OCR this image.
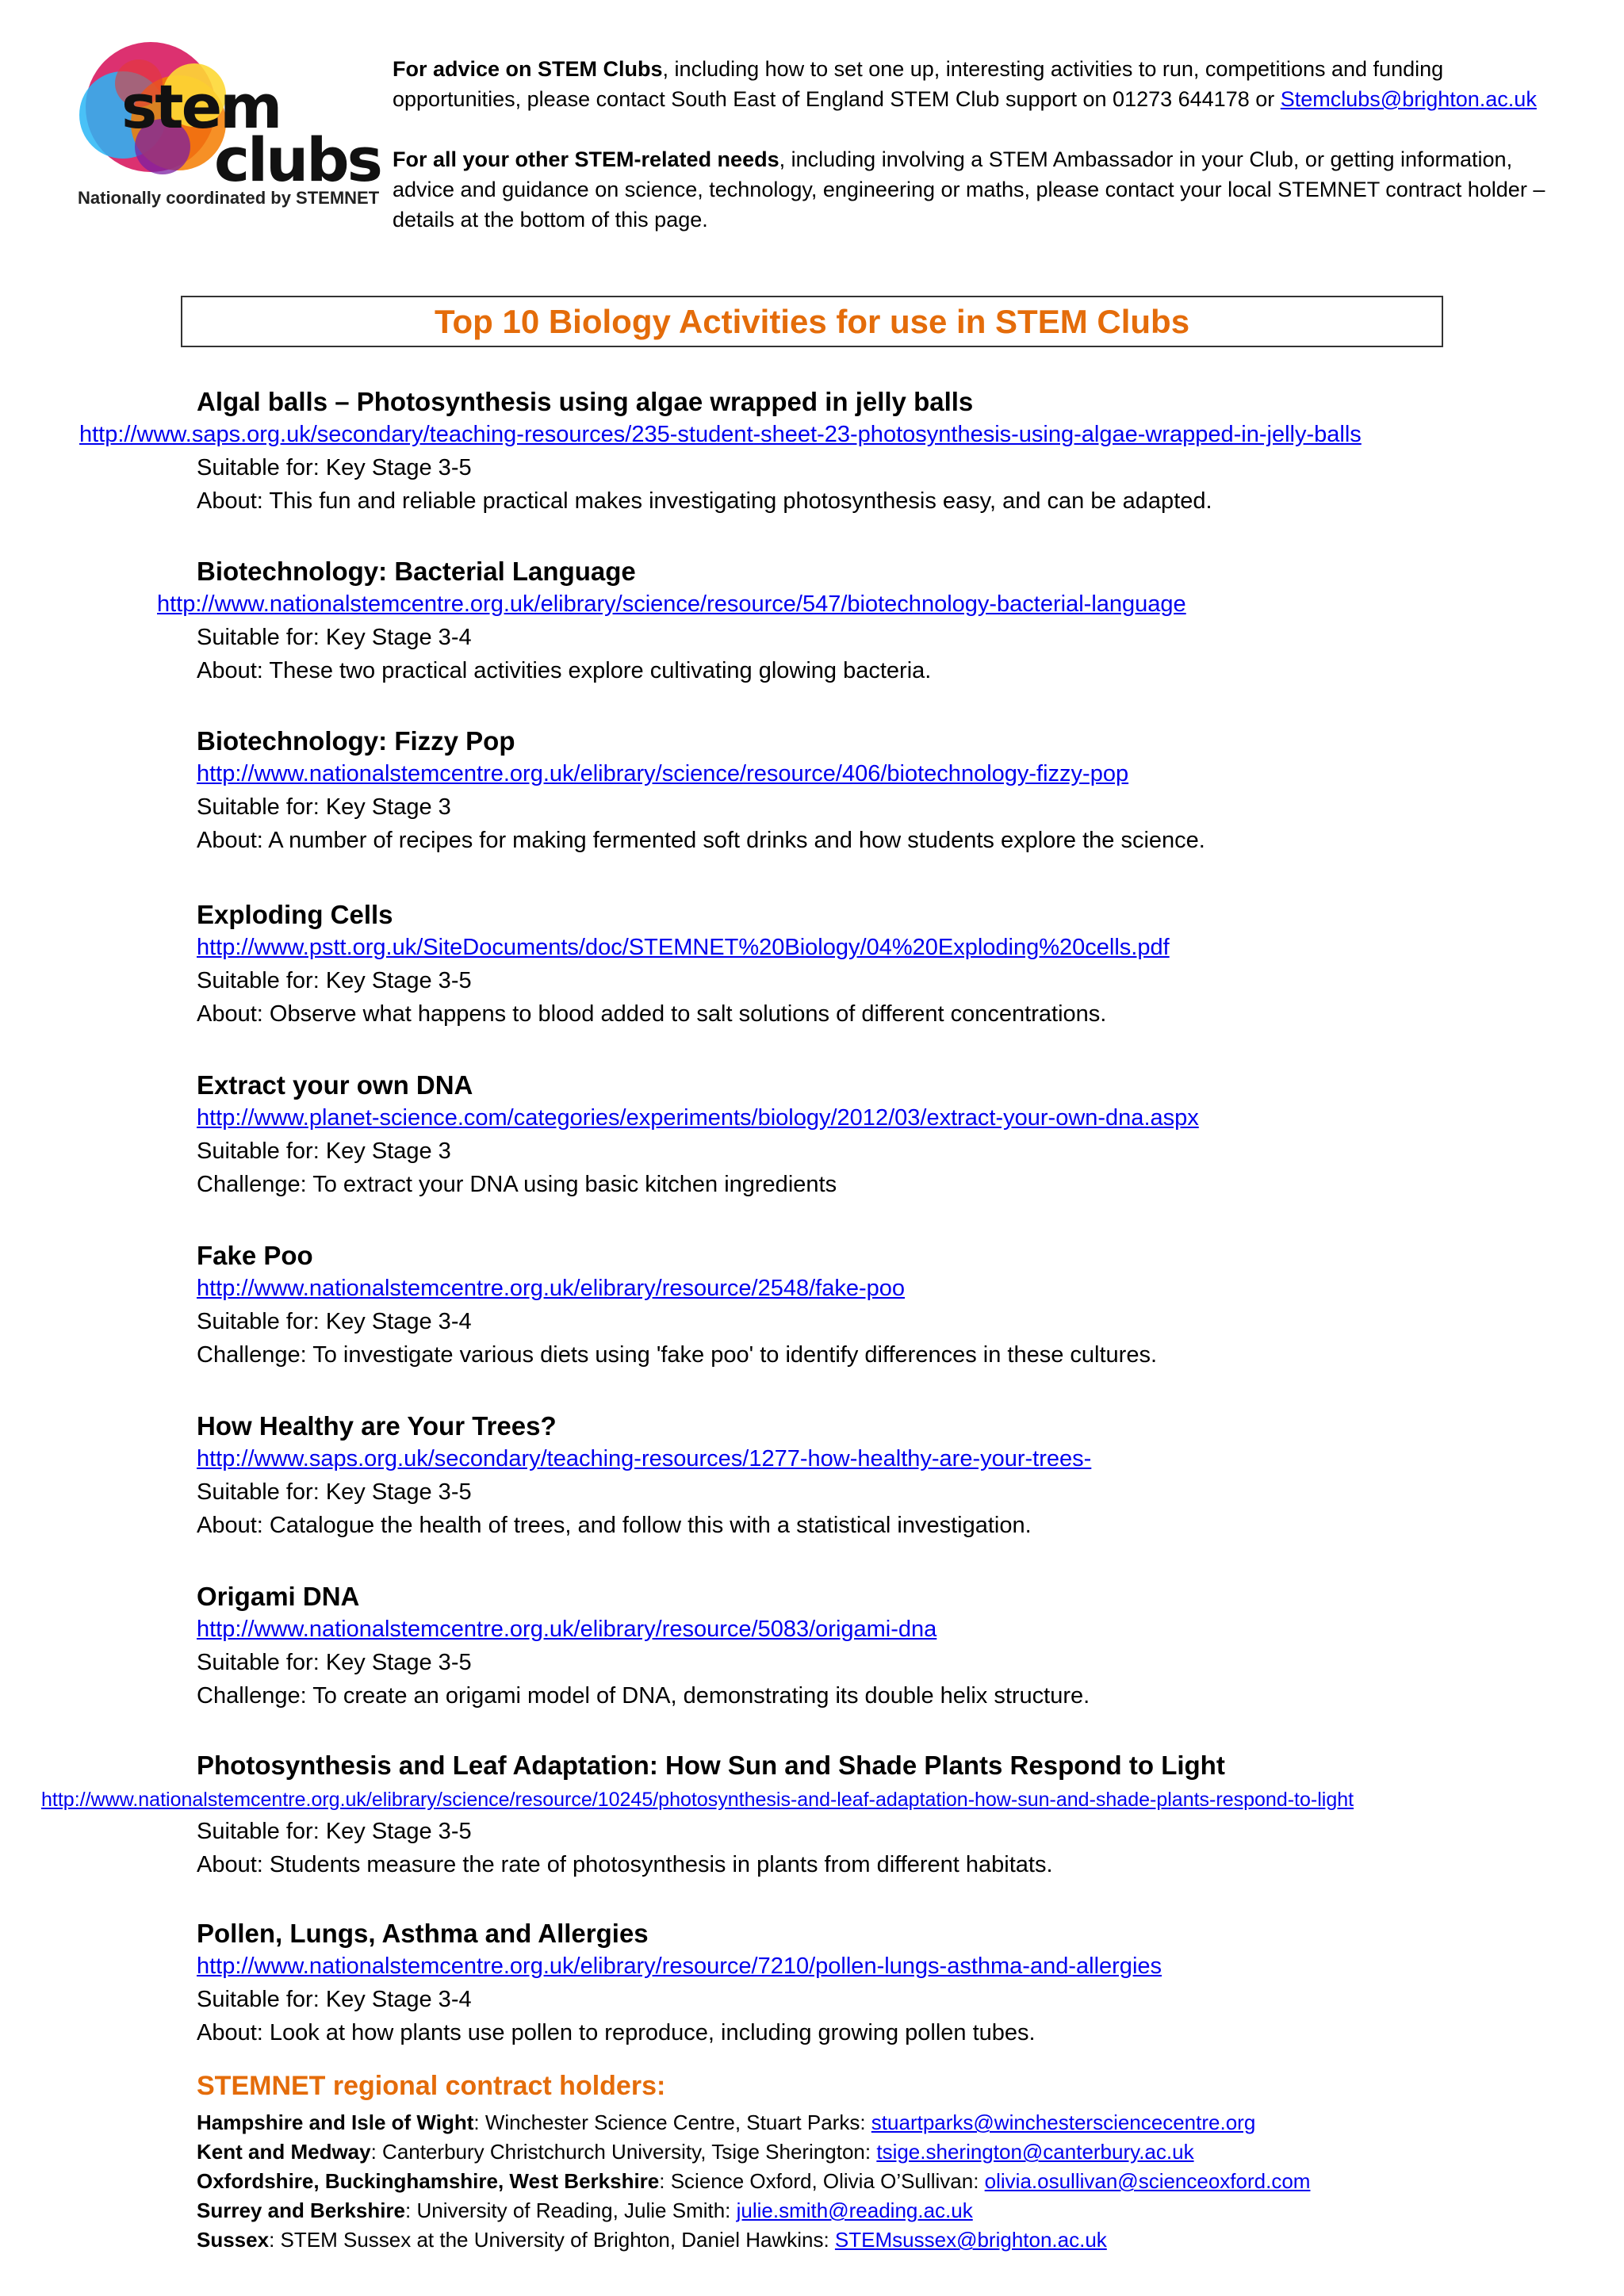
stem
clubs
Nationally coordinated by STEMNET

For advice on STEM Clubs, including how to set one up, interesting activities to run, competitions and funding opportunities, please contact South East of England STEM Club support on 01273 644178 or Stemclubs@brighton.ac.uk

For all your other STEM-related needs, including involving a STEM Ambassador in your Club, or getting information, advice and guidance on science, technology, engineering or maths, please contact your local STEMNET contract holder – details at the bottom of this page.

Top 10 Biology Activities for use in STEM Clubs
Algal balls – Photosynthesis using algae wrapped in jelly balls
http://www.saps.org.uk/secondary/teaching-resources/235-student-sheet-23-photosynthesis-using-algae-wrapped-in-jelly-balls
Suitable for: Key Stage 3-5
About: This fun and reliable practical makes investigating photosynthesis easy, and can be adapted.
Biotechnology: Bacterial Language
http://www.nationalstemcentre.org.uk/elibrary/science/resource/547/biotechnology-bacterial-language
Suitable for: Key Stage 3-4
About: These two practical activities explore cultivating glowing bacteria.
Biotechnology: Fizzy Pop
http://www.nationalstemcentre.org.uk/elibrary/science/resource/406/biotechnology-fizzy-pop
Suitable for: Key Stage 3
About: A number of recipes for making fermented soft drinks and how students explore the science.
Exploding Cells
http://www.pstt.org.uk/SiteDocuments/doc/STEMNET%20Biology/04%20Exploding%20cells.pdf
Suitable for: Key Stage 3-5
About: Observe what happens to blood added to salt solutions of different concentrations.
Extract your own DNA
http://www.planet-science.com/categories/experiments/biology/2012/03/extract-your-own-dna.aspx
Suitable for: Key Stage 3
Challenge: To extract your DNA using basic kitchen ingredients
Fake Poo
http://www.nationalstemcentre.org.uk/elibrary/resource/2548/fake-poo
Suitable for: Key Stage 3-4
Challenge: To investigate various diets using 'fake poo' to identify differences in these cultures.
How Healthy are Your Trees?
http://www.saps.org.uk/secondary/teaching-resources/1277-how-healthy-are-your-trees-
Suitable for: Key Stage 3-5
About: Catalogue the health of trees, and follow this with a statistical investigation.
Origami DNA
http://www.nationalstemcentre.org.uk/elibrary/resource/5083/origami-dna
Suitable for: Key Stage 3-5
Challenge: To create an origami model of DNA, demonstrating its double helix structure.
Photosynthesis and Leaf Adaptation: How Sun and Shade Plants Respond to Light
http://www.nationalstemcentre.org.uk/elibrary/science/resource/10245/photosynthesis-and-leaf-adaptation-how-sun-and-shade-plants-respond-to-light
Suitable for: Key Stage 3-5
About: Students measure the rate of photosynthesis in plants from different habitats.
Pollen, Lungs, Asthma and Allergies
http://www.nationalstemcentre.org.uk/elibrary/resource/7210/pollen-lungs-asthma-and-allergies
Suitable for: Key Stage 3-4
About: Look at how plants use pollen to reproduce, including growing pollen tubes.
STEMNET regional contract holders:
Hampshire and Isle of Wight: Winchester Science Centre, Stuart Parks: stuartparks@winchestersciencecentre.org
Kent and Medway: Canterbury Christchurch University, Tsige Sherington: tsige.sherington@canterbury.ac.uk
Oxfordshire, Buckinghamshire, West Berkshire: Science Oxford, Olivia O’Sullivan: olivia.osullivan@scienceoxford.com
Surrey and Berkshire: University of Reading, Julie Smith: julie.smith@reading.ac.uk
Sussex: STEM Sussex at the University of Brighton, Daniel Hawkins: STEMsussex@brighton.ac.uk
